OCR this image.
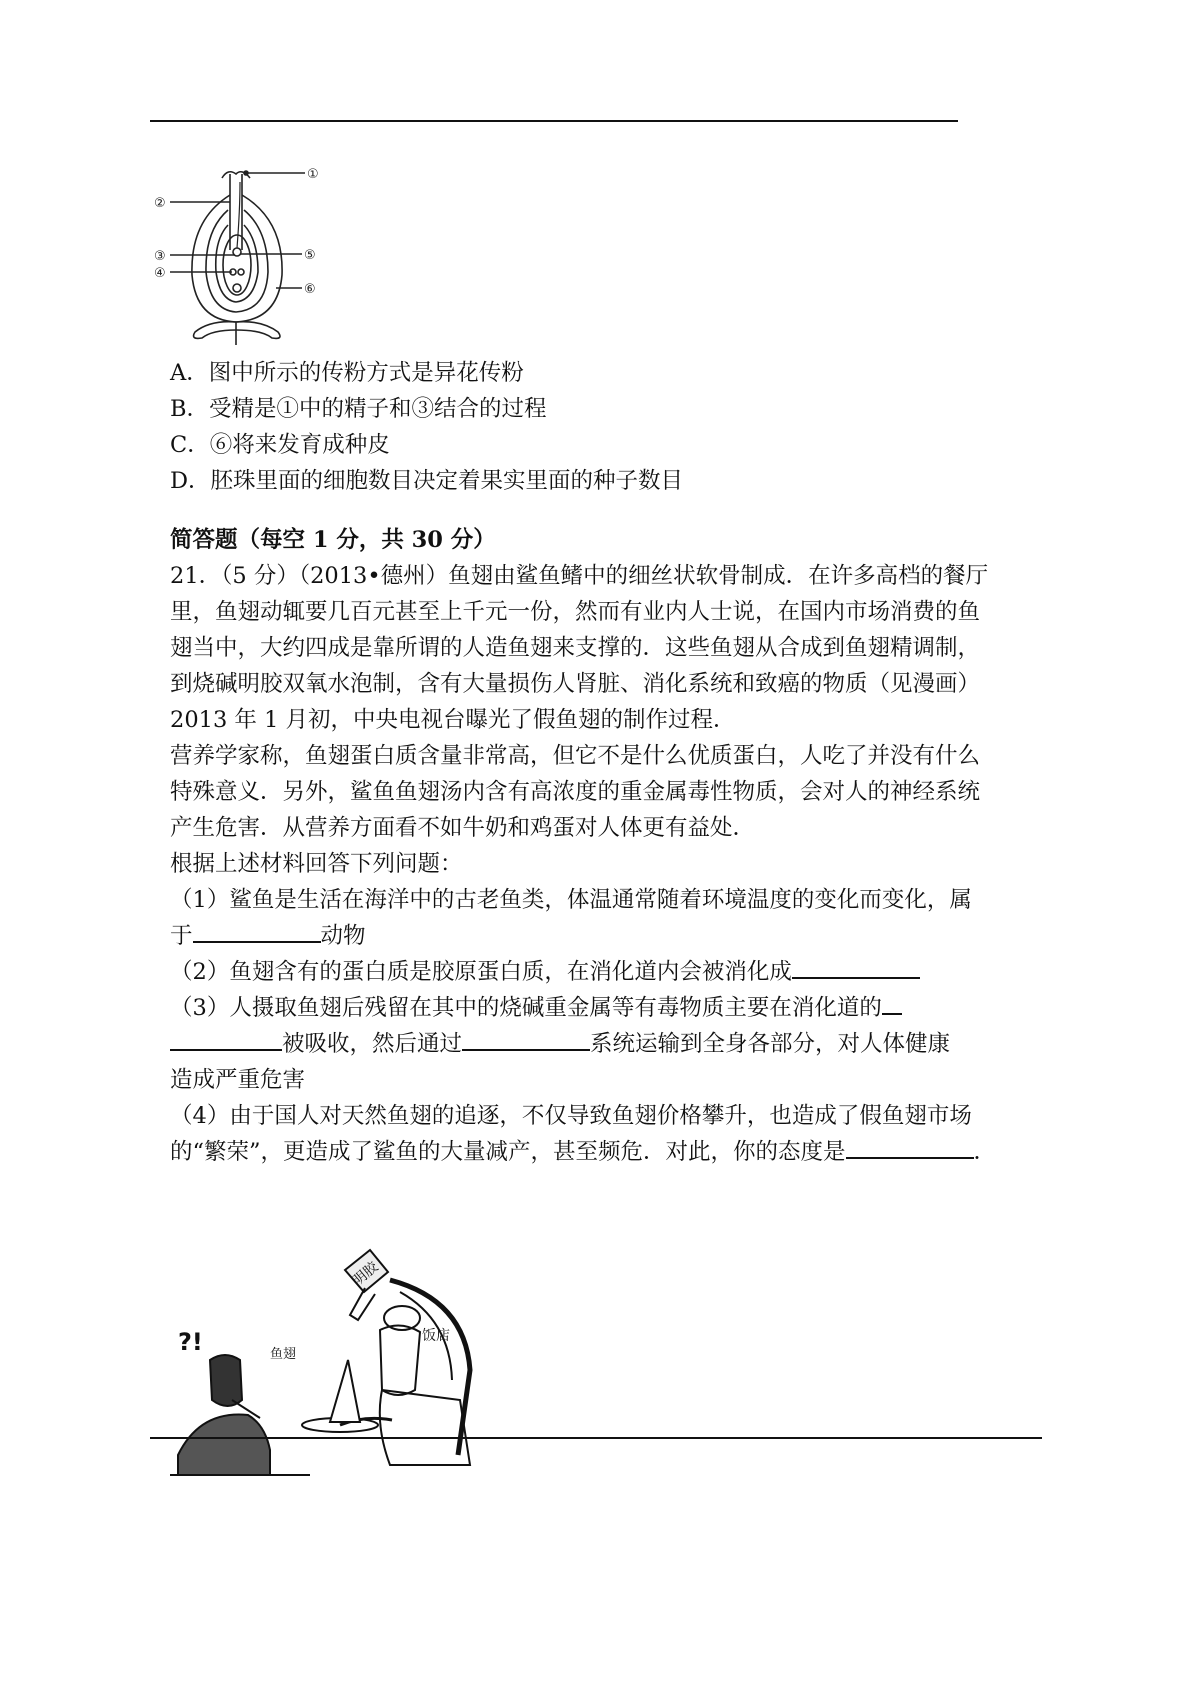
①
②
③
④
⑤
⑥
A．图中所示的传粉方式是异花传粉
B．受精是①中的精子和③结合的过程
C．⑥将来发育成种皮
D．胚珠里面的细胞数目决定着果实里面的种子数目
简答题（每空 1 分，共 30 分）
21．（5 分）（2013•德州）鱼翅由鲨鱼鳍中的细丝状软骨制成．在许多高档的餐厅
里，鱼翅动辄要几百元甚至上千元一份，然而有业内人士说，在国内市场消费的鱼
翅当中，大约四成是靠所谓的人造鱼翅来支撑的．这些鱼翅从合成到鱼翅精调制，
到烧碱明胶双氧水泡制，含有大量损伤人肾脏、消化系统和致癌的物质（见漫画）
2013 年 1 月初，中央电视台曝光了假鱼翅的制作过程．
营养学家称，鱼翅蛋白质含量非常高，但它不是什么优质蛋白，人吃了并没有什么
特殊意义．另外，鲨鱼鱼翅汤内含有高浓度的重金属毒性物质，会对人的神经系统
产生危害．从营养方面看不如牛奶和鸡蛋对人体更有益处．
根据上述材料回答下列问题：
（1）鲨鱼是生活在海洋中的古老鱼类，体温通常随着环境温度的变化而变化，属
于	动物
（2）鱼翅含有的蛋白质是胶原蛋白质，在消化道内会被消化成
（3）人摄取鱼翅后残留在其中的烧碱重金属等有毒物质主要在消化道的
被吸收，然后通过	系统运输到全身各部分，对人体健康
造成严重危害
（4）由于国人对天然鱼翅的追逐，不仅导致鱼翅价格攀升，也造成了假鱼翅市场
的“繁荣”，更造成了鲨鱼的大量减产，甚至频危．对此，你的态度是	．
明胶
鱼翅
饭店
?!
